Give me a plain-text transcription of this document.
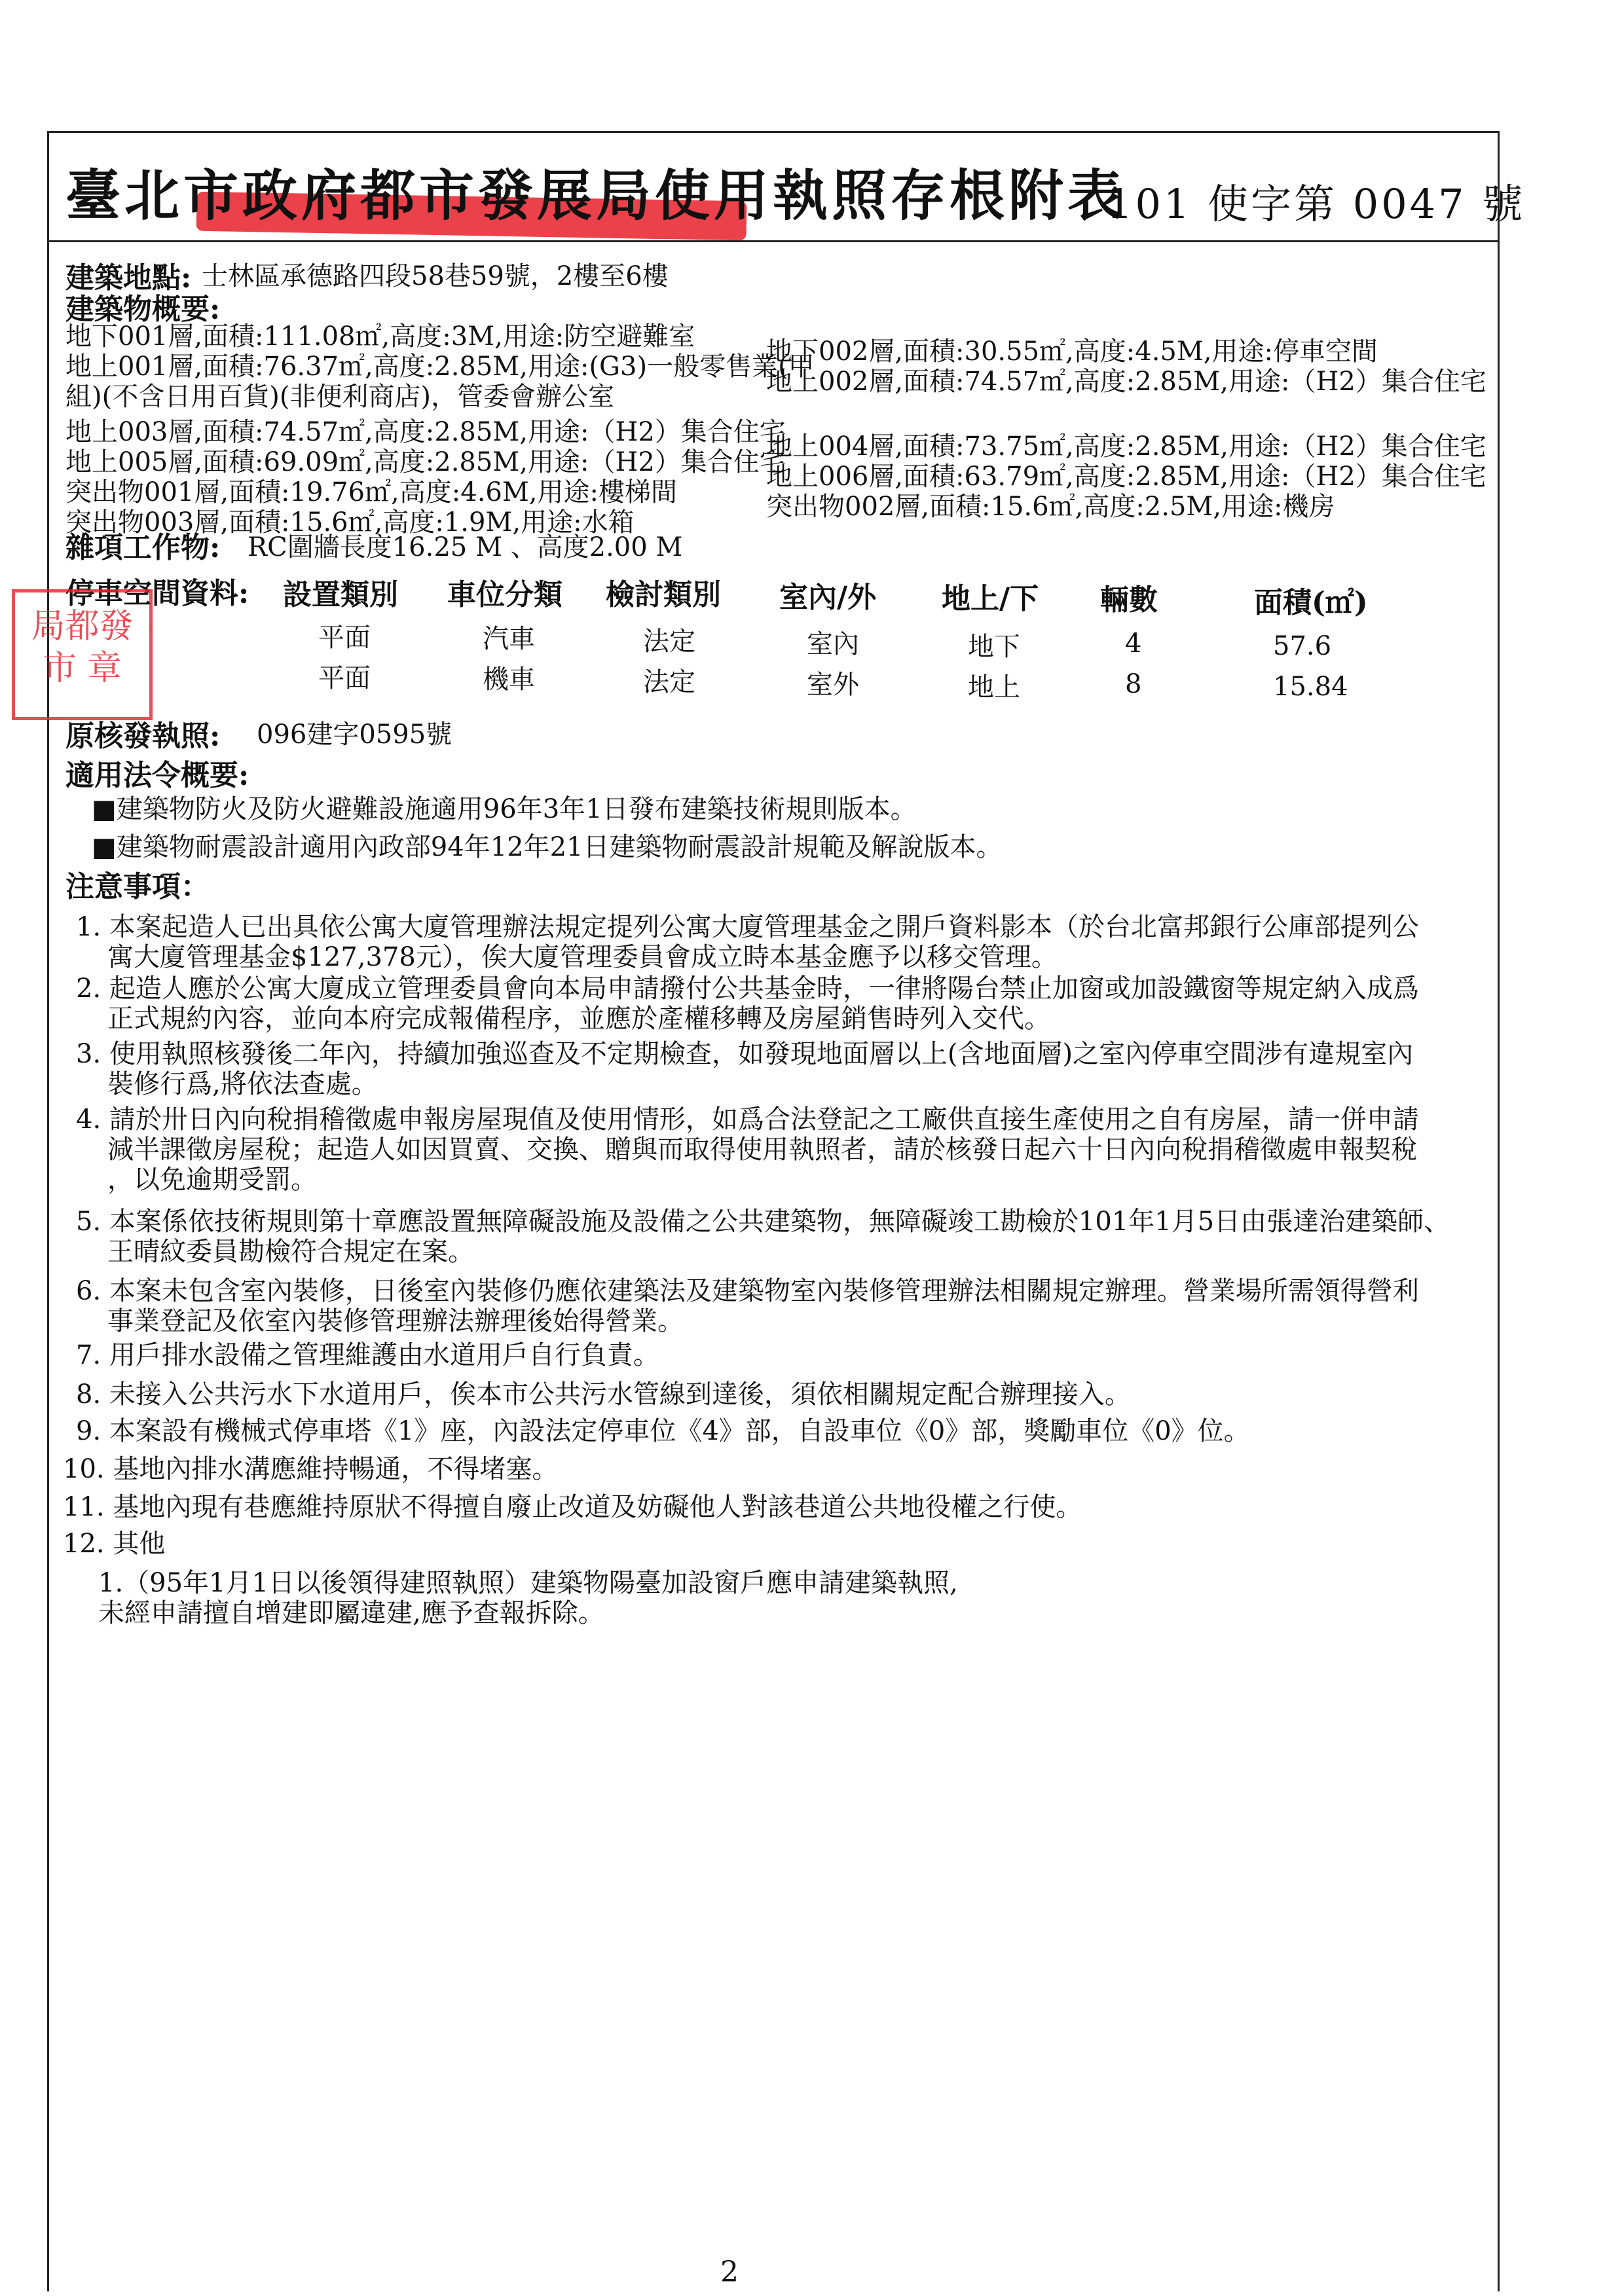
臺北市政府都市發展局使用執照存根附表
101 使字第 0047 號
建築地點: 士林區承德路四段58巷59號，2樓至6樓
建築物概要:
地下001層,面積:111.08㎡,高度:3M,用途:防空避難室
地上001層,面積:76.37㎡,高度:2.85M,用途:(G3)一般零售業(甲
組)(不含日用百貨)(非便利商店)，管委會辦公室
地上003層,面積:74.57㎡,高度:2.85M,用途:（H2）集合住宅
地上005層,面積:69.09㎡,高度:2.85M,用途:（H2）集合住宅
突出物001層,面積:19.76㎡,高度:4.6M,用途:樓梯間
突出物003層,面積:15.6㎡,高度:1.9M,用途:水箱
地下002層,面積:30.55㎡,高度:4.5M,用途:停車空間
地上002層,面積:74.57㎡,高度:2.85M,用途:（H2）集合住宅
地上004層,面積:73.75㎡,高度:2.85M,用途:（H2）集合住宅
地上006層,面積:63.79㎡,高度:2.85M,用途:（H2）集合住宅
突出物002層,面積:15.6㎡,高度:2.5M,用途:機房
雜項工作物: RC圍牆長度16.25 M 、高度2.00 M
停車空間資料: 設置類別 車位分類 檢討類別 室內/外 地上/下 輛數	面積(㎡)
平面	汽車	法定	室內	地下	4	57.6
平面	機車	法定	室外	地上	8	15.84
局都發市 章
原核發執照: 096建字0595號
適用法令概要:
■建築物防火及防火避難設施適用96年3年1日發布建築技術規則版本。
■建築物耐震設計適用內政部94年12年21日建築物耐震設計規範及解說版本。
注意事項：
1. 本案起造人已出具依公寓大廈管理辦法規定提列公寓大廈管理基金之開戶資料影本（於台北富邦銀行公庫部提列公
寓大廈管理基金$127,378元），俟大廈管理委員會成立時本基金應予以移交管理。
2. 起造人應於公寓大廈成立管理委員會向本局申請撥付公共基金時，一律將陽台禁止加窗或加設鐵窗等規定納入成爲
正式規約內容，並向本府完成報備程序，並應於產權移轉及房屋銷售時列入交代。
3. 使用執照核發後二年內，持續加強巡查及不定期檢查，如發現地面層以上(含地面層)之室內停車空間涉有違規室內
裝修行爲,將依法查處。
4. 請於卅日內向稅捐稽徵處申報房屋現值及使用情形，如爲合法登記之工廠供直接生產使用之自有房屋，請一併申請
減半課徵房屋稅；起造人如因買賣、交換、贈與而取得使用執照者，請於核發日起六十日內向稅捐稽徵處申報契稅
，以免逾期受罰。
5. 本案係依技術規則第十章應設置無障礙設施及設備之公共建築物，無障礙竣工勘檢於101年1月5日由張達治建築師、
王晴紋委員勘檢符合規定在案。
6. 本案未包含室內裝修，日後室內裝修仍應依建築法及建築物室內裝修管理辦法相關規定辦理。營業場所需領得營利
事業登記及依室內裝修管理辦法辦理後始得營業。
7. 用戶排水設備之管理維護由水道用戶自行負責。
8. 未接入公共污水下水道用戶，俟本市公共污水管線到達後，須依相關規定配合辦理接入。
9. 本案設有機械式停車塔《1》座，內設法定停車位《4》部，自設車位《0》部，獎勵車位《0》位。
10. 基地內排水溝應維持暢通，不得堵塞。
11. 基地內現有巷應維持原狀不得擅自廢止改道及妨礙他人對該巷道公共地役權之行使。
12. 其他
1.（95年1月1日以後領得建照執照）建築物陽臺加設窗戶應申請建築執照,
未經申請擅自增建即屬違建,應予查報拆除。
2
